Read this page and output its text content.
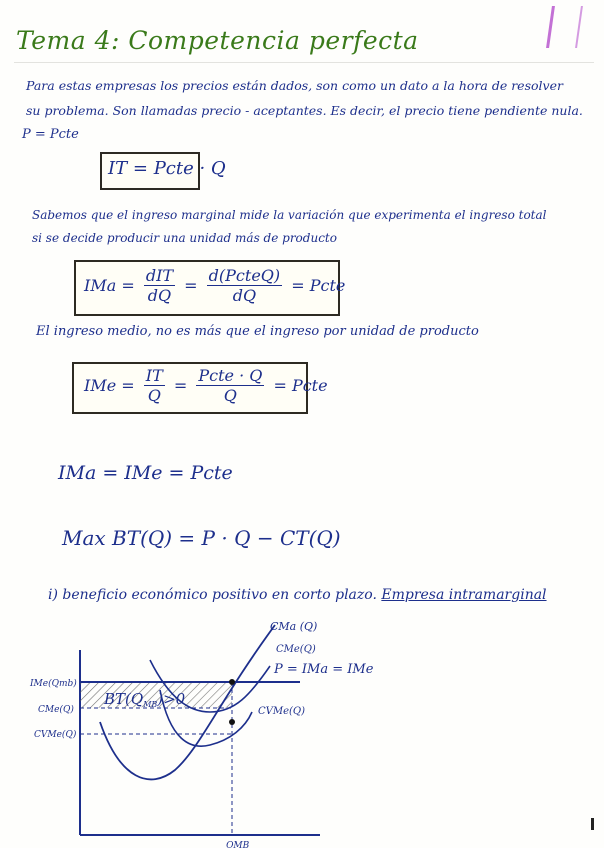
Tema 4: Competencia perfecta
Para estas empresas los precios están dados, son como un dato a la hora de resolver
su problema. Son llamadas precio - aceptantes. Es decir, el precio tiene pendiente nula.
P = Pcte
IT = Pcte · Q
Sabemos que el ingreso marginal mide la variación que experimenta el ingreso total
si se decide producir una unidad más de producto
IMa = $\frac{\text{dIT}}{dQ} = \frac{\text{d(PcteQ)}}{dQ}$ = Pcte
El ingreso medio, no es más que el ingreso por unidad de producto
IMe = $\frac{IT}{Q} = \frac{\text{Pcte · Q}}{Q}$ = Pcte
IMa = IMe = Pcte
Max BT(Q) = P · Q − CT(Q)
i) beneficio económico positivo en corto plazo. Empresa intramarginal
CMa (Q)
CMe(Q)
P = IMa = IMe
CVMe(Q)
$BT(Q_{MB})>0$
IMe(Qmb)
CMe(Q)
CVMe(Q)
QMB
